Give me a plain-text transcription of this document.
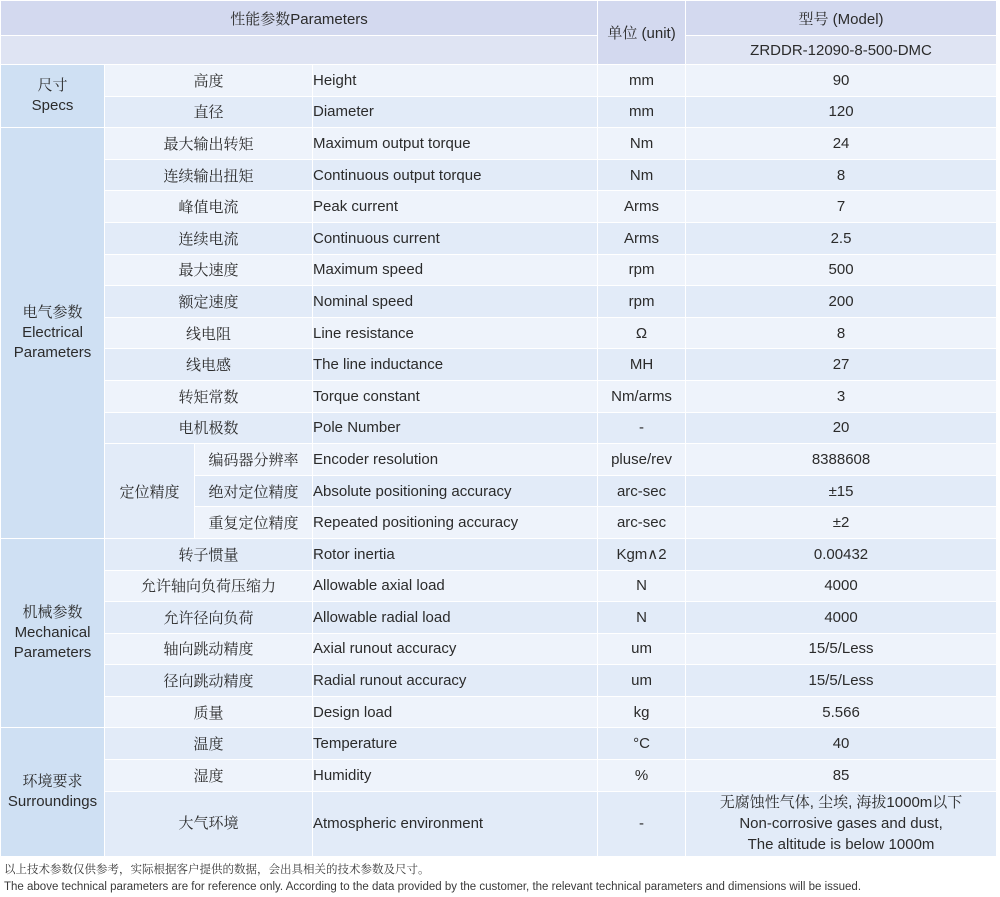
性能参数Parameters				单位 (unit)	型号 (Model)
					ZRDDR-12090-8-500-DMC
尺寸
Specs	高度		Height	mm	90
	直径		Diameter	mm	120
电气参数
Electrical
Parameters	最大输出转矩		Maximum output torque	Nm	24
	连续输出扭矩		Continuous output torque	Nm	8
	峰值电流		Peak current	Arms	7
	连续电流		Continuous current	Arms	2.5
	最大速度		Maximum speed	rpm	500
	额定速度		Nominal speed	rpm	200
	线电阻		Line resistance	Ω	8
	线电感		The line inductance	MH	27
	转矩常数		Torque constant	Nm/arms	3
	电机极数		Pole Number	-	20
	定位精度	编码器分辨率	Encoder resolution	pluse/rev	8388608
		绝对定位精度	Absolute positioning accuracy	arc-sec	±15
		重复定位精度	Repeated positioning accuracy	arc-sec	±2
机械参数
Mechanical
Parameters	转子惯量		Rotor inertia	Kgm∧2	0.00432
	允许轴向负荷压缩力		Allowable axial load	N	4000
	允许径向负荷		Allowable radial load	N	4000
	轴向跳动精度		Axial runout accuracy	um	15/5/Less
	径向跳动精度		Radial runout accuracy	um	15/5/Less
	质量		Design load	kg	5.566
环境要求
Surroundings	温度		Temperature	°C	40
	湿度		Humidity	%	85
	大气环境		Atmospheric environment	-	无腐蚀性气体, 尘埃, 海拔1000m以下
Non-corrosive gases and dust,
The altitude is below 1000m
以上技术参数仅供参考，实际根据客户提供的数据，会出具相关的技术参数及尺寸。
The above technical parameters are for reference only. According to the data provided by the customer, the relevant technical parameters and dimensions will be issued.
